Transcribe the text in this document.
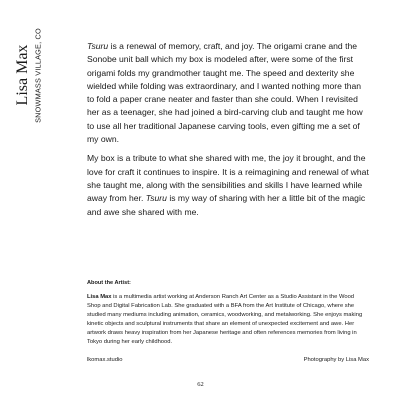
Lisa Max SNOWMASS VILLAGE, CO	Tsuru is a renewal of memory, craft, and joy. The origami crane and the Sonobe unit ball which my box is modeled after, were some of the first origami folds my grandmother taught me. The speed and dexterity she wielded while folding was extraordinary, and I wanted nothing more than to fold a paper crane neater and faster than she could. When I revisited her as a teenager, she had joined a bird-carving club and taught me how to use all her traditional Japanese carving tools, even gifting me a set of my own.

My box is a tribute to what she shared with me, the joy it brought, and the love for craft it continues to inspire. It is a reimagining and renewal of what she taught me, along with the sensibilities and skills I have learned while away from her. Tsuru is my way of sharing with her a little bit of the magic and awe she shared with me.

About the Artist:
Lisa Max is a multimedia artist working at Anderson Ranch Art Center as a Studio Assistant in the Wood Shop and Digital Fabrication Lab. She graduated with a BFA from the Art Institute of Chicago, where she studied many mediums including animation, ceramics, woodworking, and metalworking. She enjoys making kinetic objects and sculptural instruments that share an element of unexpected excitement and awe. Her artwork draws heavy inspiration from her Japanese heritage and often references memories from living in Tokyo during her early childhood.
lkomax.studio	Photography by Lisa Max
62
